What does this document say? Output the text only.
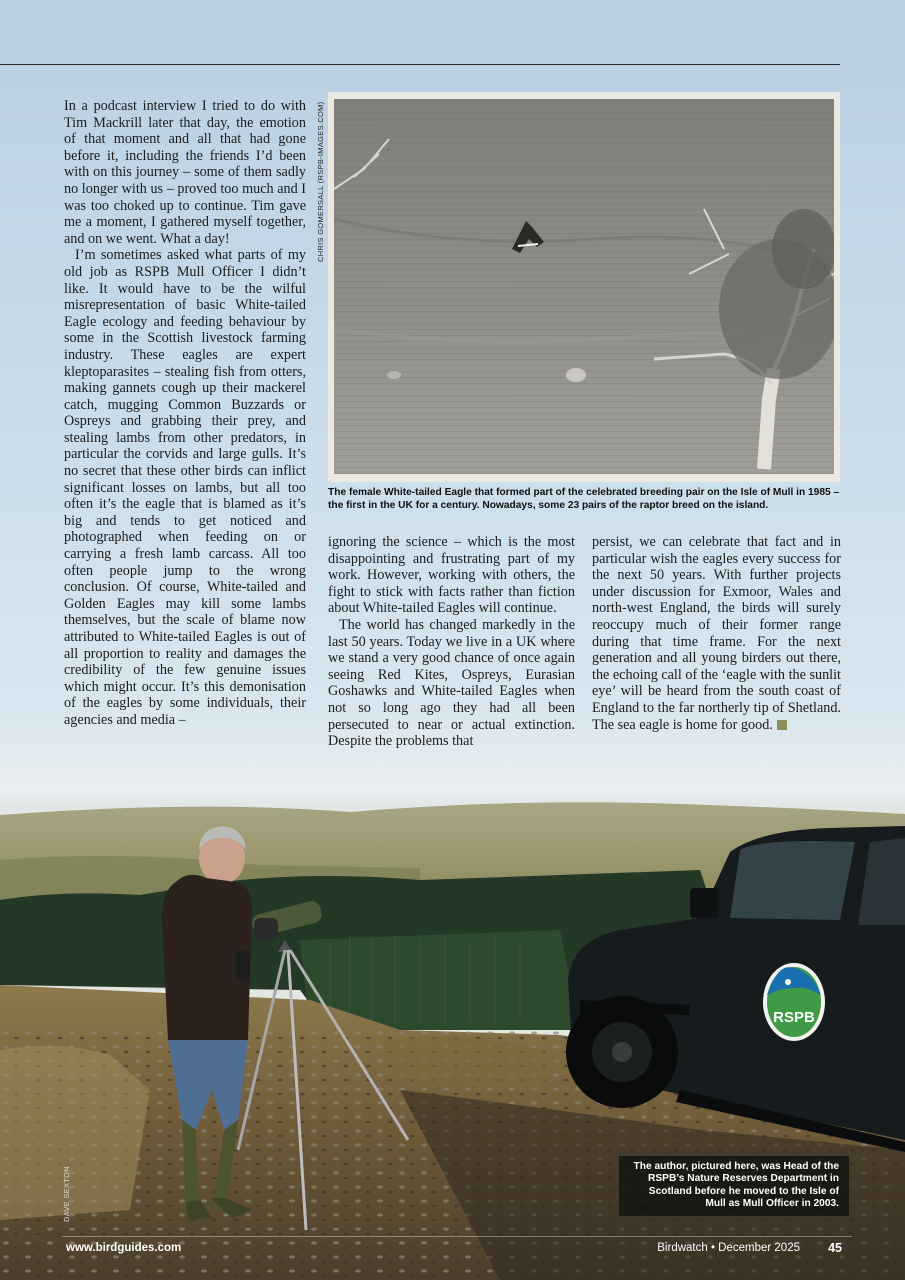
In a podcast interview I tried to do with Tim Mackrill later that day, the emotion of that moment and all that had gone before it, including the friends I’d been with on this journey – some of them sadly no longer with us – proved too much and I was too choked up to continue. Tim gave me a moment, I gathered myself together, and on we went. What a day!

I’m sometimes asked what parts of my old job as RSPB Mull Officer I didn’t like. It would have to be the wilful misrepresentation of basic White-tailed Eagle ecology and feeding behaviour by some in the Scottish livestock farming industry. These eagles are expert kleptoparasites – stealing fish from otters, making gannets cough up their mackerel catch, mugging Common Buzzards or Ospreys and grabbing their prey, and stealing lambs from other predators, in particular the corvids and large gulls. It’s no secret that these other birds can inflict significant losses on lambs, but all too often it’s the eagle that is blamed as it’s big and tends to get noticed and photographed when feeding on or carrying a fresh lamb carcass. All too often people jump to the wrong conclusion. Of course, White-tailed and Golden Eagles may kill some lambs themselves, but the scale of blame now attributed to White-tailed Eagles is out of all proportion to reality and damages the credibility of the few genuine issues which might occur. It’s this demonisation of the eagles by some individuals, their agencies and media –

CHRIS GOMERSALL (RSPB-IMAGES.COM)
The female White-tailed Eagle that formed part of the celebrated breeding pair on the Isle of Mull in 1985 – the first in the UK for a century. Nowadays, some 23 pairs of the raptor breed on the island.

ignoring the science – which is the most disappointing and frustrating part of my work. However, working with others, the fight to stick with facts rather than fiction about White-tailed Eagles will continue.

The world has changed markedly in the last 50 years. Today we live in a UK where we stand a very good chance of once again seeing Red Kites, Ospreys, Eurasian Goshawks and White-tailed Eagles when not so long ago they had all been persecuted to near or actual extinction. Despite the problems that

persist, we can celebrate that fact and in particular wish the eagles every success for the next 50 years. With further projects under discussion for Exmoor, Wales and north-west England, the birds will surely reoccupy much of their former range during that time frame. For the next generation and all young birders out there, the echoing call of the ‘eagle with the sunlit eye’ will be heard from the south coast of England to the far northerly tip of Shetland. The sea eagle is home for good.

RSPB
DAVE SEXTON	The author, pictured here, was Head of the RSPB’s Nature Reserves Department in Scotland before he moved to the Isle of Mull as Mull Officer in 2003.
www.birdguides.com	Birdwatch • December 2025 45
